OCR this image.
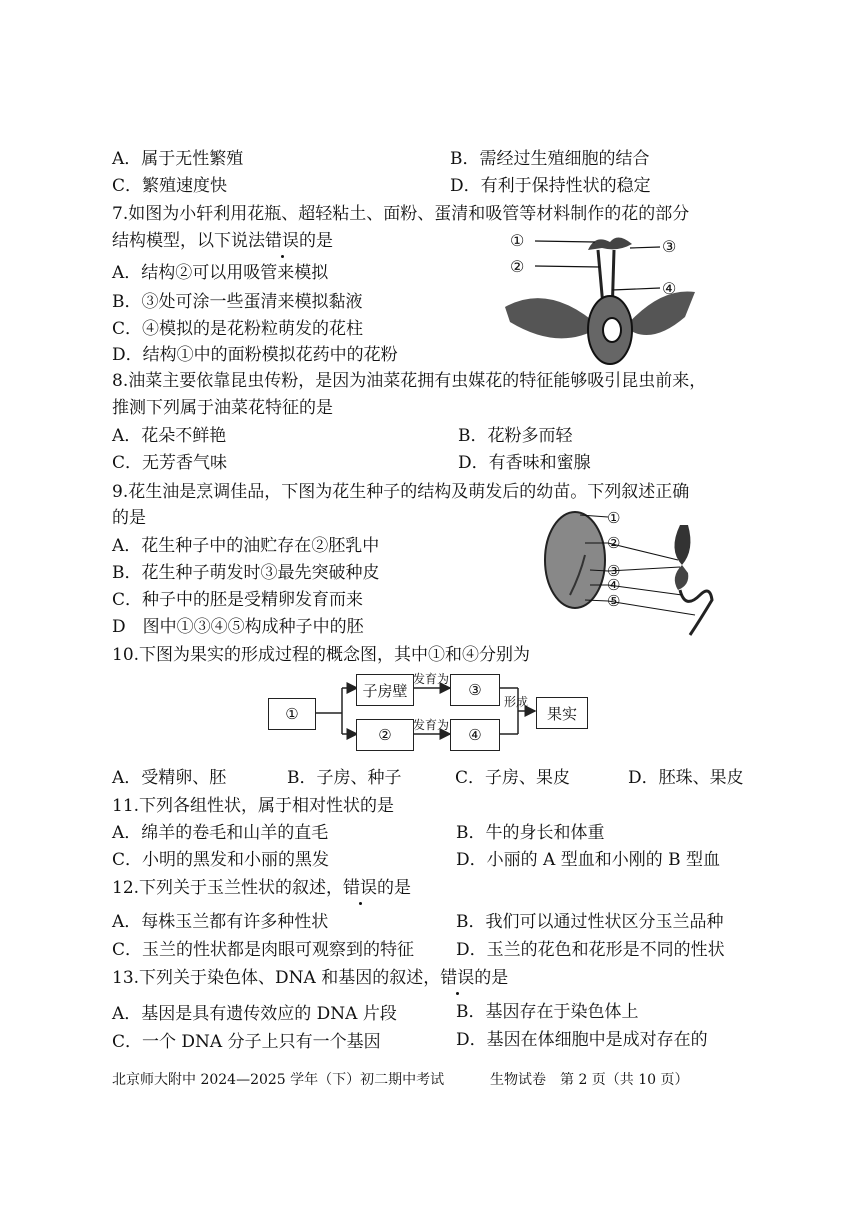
A．属于无性繁殖	B．需经过生殖细胞的结合
C．繁殖速度快	D．有利于保持性状的稳定
7.如图为小轩利用花瓶、超轻粘土、面粉、蛋清和吸管等材料制作的花的部分
结构模型，以下说法错误的是
A．结构②可以用吸管来模拟
B．③处可涂一些蛋清来模拟黏液
C．④模拟的是花粉粒萌发的花柱
D．结构①中的面粉模拟花药中的花粉
①
②
③
④
8.油菜主要依靠昆虫传粉，是因为油菜花拥有虫媒花的特征能够吸引昆虫前来，
推测下列属于油菜花特征的是
A．花朵不鲜艳	B．花粉多而轻
C．无芳香气味	D．有香味和蜜腺
9.花生油是烹调佳品，下图为花生种子的结构及萌发后的幼苗。下列叙述正确
的是
A．花生种子中的油贮存在②胚乳中
B．花生种子萌发时③最先突破种皮
C．种子中的胚是受精卵发育而来
D　图中①③④⑤构成种子中的胚
①
②
③
④
⑤
10.下图为果实的形成过程的概念图，其中①和④分别为
①
子房壁
②
③
④
果实
发育为
发育为
形成
A．受精卵、胚	B．子房、种子	C．子房、果皮	D．胚珠、果皮
11.下列各组性状，属于相对性状的是
A．绵羊的卷毛和山羊的直毛	B．牛的身长和体重
C．小明的黑发和小丽的黑发	D．小丽的 A 型血和小刚的 B 型血
12.下列关于玉兰性状的叙述，错误的是
A．每株玉兰都有许多种性状	B．我们可以通过性状区分玉兰品种
C．玉兰的性状都是肉眼可观察到的特征 D．玉兰的花色和花形是不同的性状
13.下列关于染色体、DNA 和基因的叙述，错误的是
A．基因是具有遗传效应的 DNA 片段	B．基因存在于染色体上
C．一个 DNA 分子上只有一个基因	D．基因在体细胞中是成对存在的
北京师大附中 2024—2025 学年（下）初二期中考试	生物试卷　第 2 页（共 10 页）
